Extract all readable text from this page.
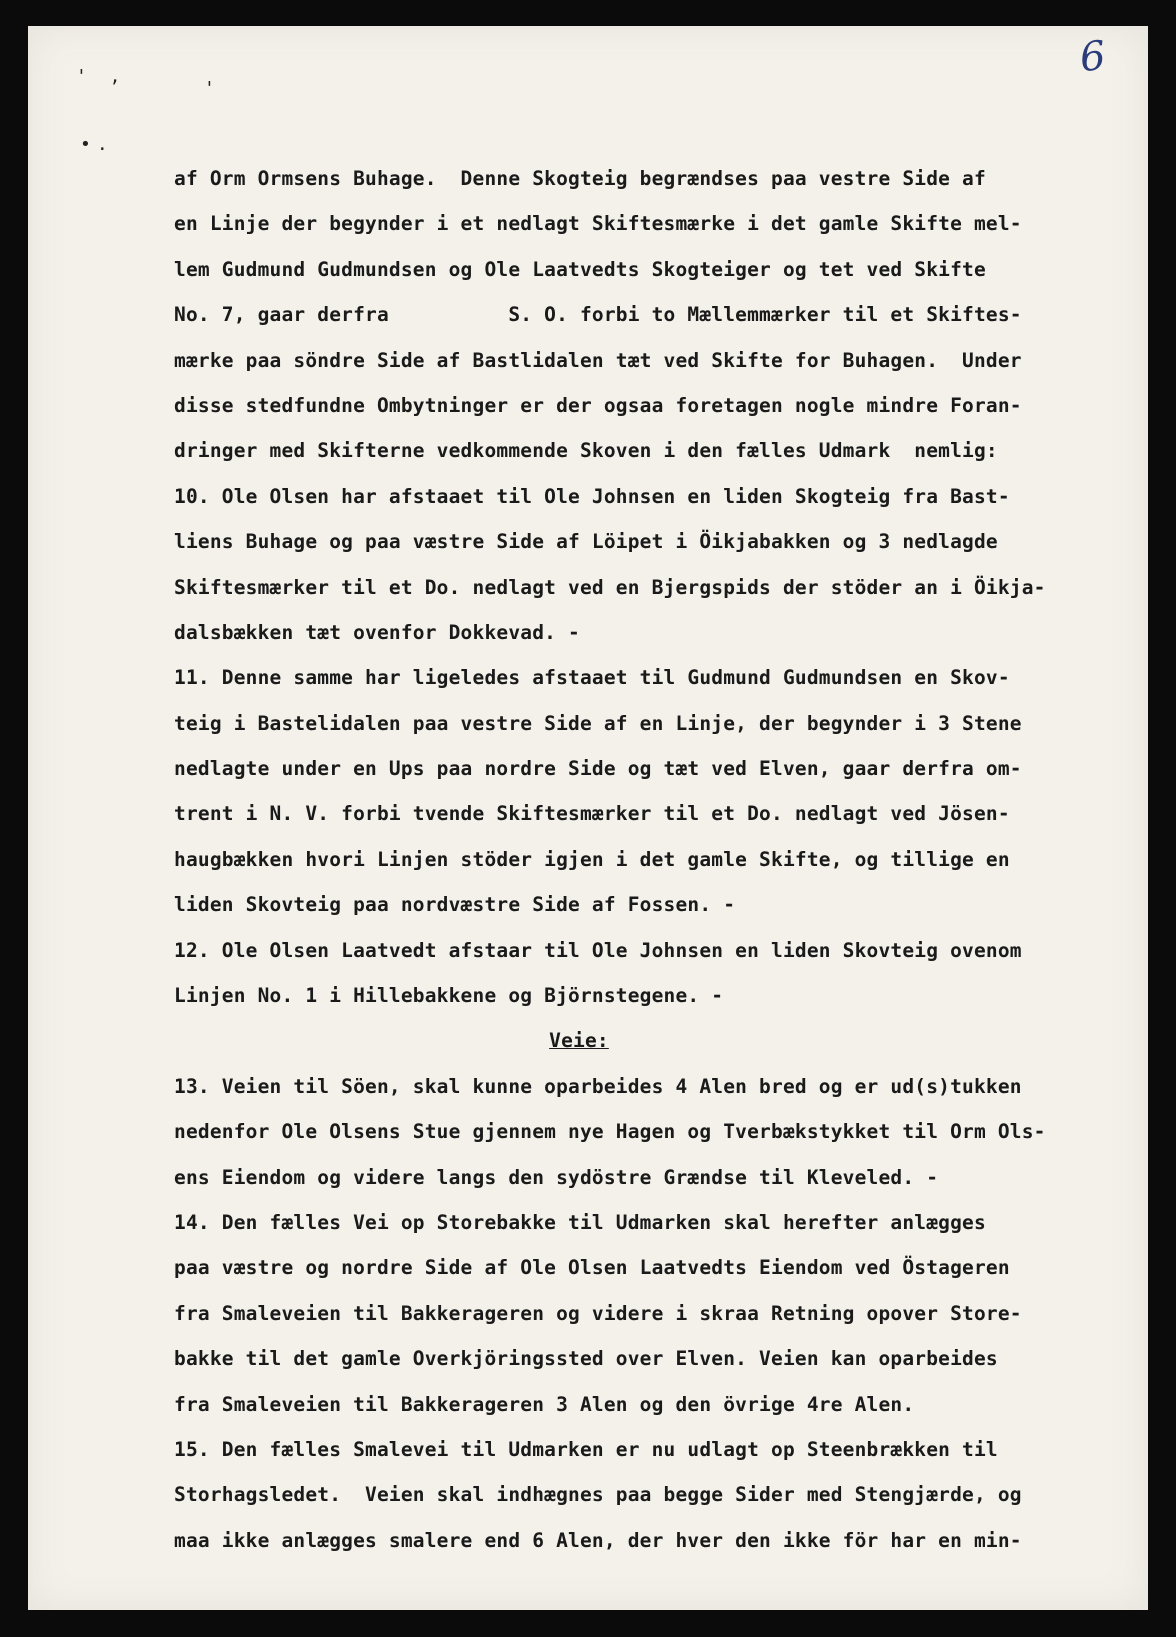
6
' ,
•.
'
af Orm Ormsens Buhage.  Denne Skogteig begrændses paa vestre Side af
en Linje der begynder i et nedlagt Skiftesmærke i det gamle Skifte mel-
lem Gudmund Gudmundsen og Ole Laatvedts Skogteiger og tet ved Skifte
No. 7, gaar derfra          S. O. forbi to Mællemmærker til et Skiftes-
mærke paa söndre Side af Bastlidalen tæt ved Skifte for Buhagen.  Under
disse stedfundne Ombytninger er der ogsaa foretagen nogle mindre Foran-
dringer med Skifterne vedkommende Skoven i den fælles Udmark  nemlig:
10. Ole Olsen har afstaaet til Ole Johnsen en liden Skogteig fra Bast-
liens Buhage og paa væstre Side af Löipet i Öikjabakken og 3 nedlagde
Skiftesmærker til et Do. nedlagt ved en Bjergspids der stöder an i Öikja-
dalsbækken tæt ovenfor Dokkevad. -
11. Denne samme har ligeledes afstaaet til Gudmund Gudmundsen en Skov-
teig i Bastelidalen paa vestre Side af en Linje, der begynder i 3 Stene
nedlagte under en Ups paa nordre Side og tæt ved Elven, gaar derfra om-
trent i N. V. forbi tvende Skiftesmærker til et Do. nedlagt ved Jösen-
haugbækken hvori Linjen stöder igjen i det gamle Skifte, og tillige en
liden Skovteig paa nordvæstre Side af Fossen. -
12. Ole Olsen Laatvedt afstaar til Ole Johnsen en liden Skovteig ovenom
Linjen No. 1 i Hillebakkene og Björnstegene. -
Veie:
13. Veien til Söen, skal kunne oparbeides 4 Alen bred og er ud(s)tukken
nedenfor Ole Olsens Stue gjennem nye Hagen og Tverbækstykket til Orm Ols-
ens Eiendom og videre langs den sydöstre Grændse til Kleveled. -
14. Den fælles Vei op Storebakke til Udmarken skal herefter anlægges
paa væstre og nordre Side af Ole Olsen Laatvedts Eiendom ved Östageren
fra Smaleveien til Bakkerageren og videre i skraa Retning opover Store-
bakke til det gamle Overkjöringssted over Elven. Veien kan oparbeides
fra Smaleveien til Bakkerageren 3 Alen og den övrige 4re Alen.
15. Den fælles Smalevei til Udmarken er nu udlagt op Steenbrækken til
Storhagsledet.  Veien skal indhægnes paa begge Sider med Stengjærde, og
maa ikke anlægges smalere end 6 Alen, der hver den ikke för har en min-
